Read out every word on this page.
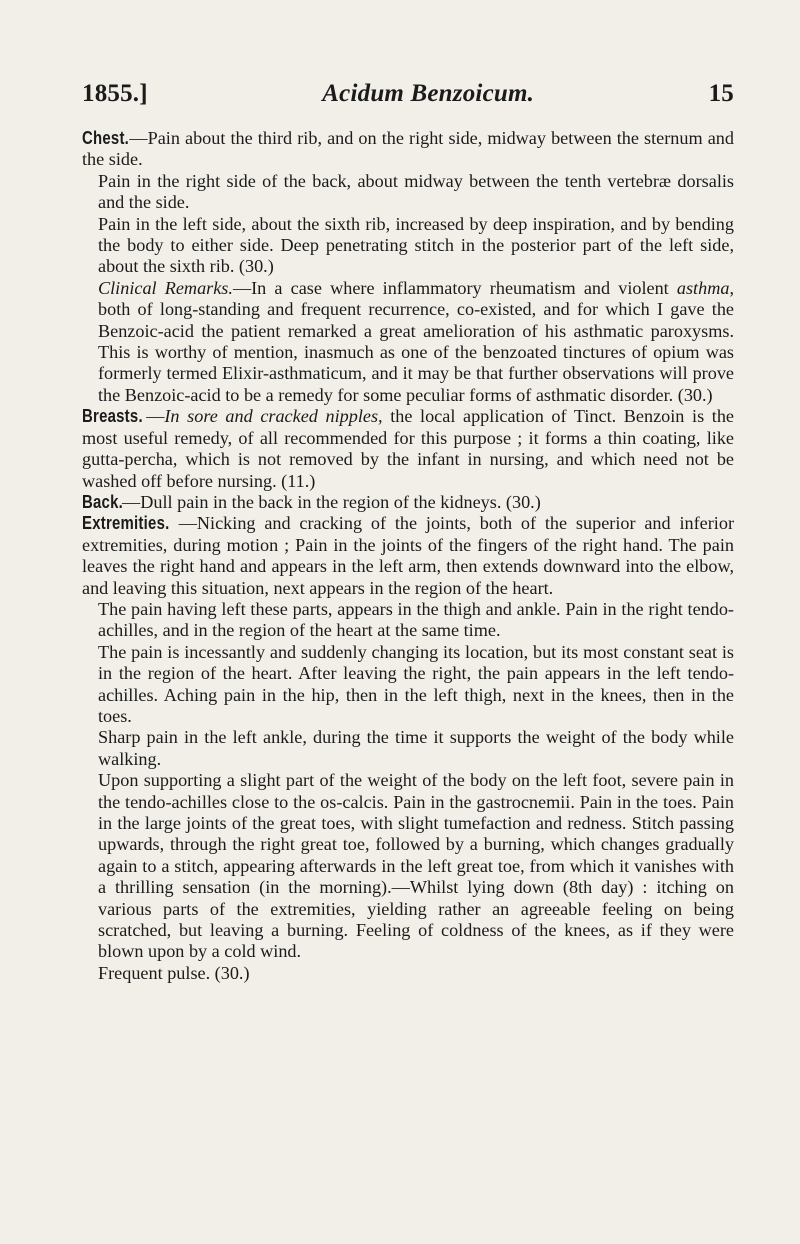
1855.]	Acidum Benzoicum.	15

Chest.—Pain about the third rib, and on the right side, midway between the sternum and the side.

Pain in the right side of the back, about midway between the tenth vertebræ dorsalis and the side.

Pain in the left side, about the sixth rib, increased by deep inspiration, and by bending the body to either side. Deep penetrating stitch in the posterior part of the left side, about the sixth rib. (30.)

Clinical Remarks.—In a case where inflammatory rheumatism and violent asthma, both of long-standing and frequent recurrence, co-existed, and for which I gave the Benzoic-acid the patient remarked a great amelioration of his asthmatic paroxysms. This is worthy of mention, inasmuch as one of the benzoated tinctures of opium was formerly termed Elixir-asthmaticum, and it may be that further observations will prove the Benzoic-acid to be a remedy for some peculiar forms of asthmatic disorder. (30.)

Breasts. —In sore and cracked nipples, the local application of Tinct. Benzoin is the most useful remedy, of all recommended for this purpose ; it forms a thin coating, like gutta-percha, which is not removed by the infant in nursing, and which need not be washed off before nursing. (11.)

Back.—Dull pain in the back in the region of the kidneys. (30.)

Extremities. —Nicking and cracking of the joints, both of the superior and inferior extremities, during motion ; Pain in the joints of the fingers of the right hand. The pain leaves the right hand and appears in the left arm, then extends downward into the elbow, and leaving this situation, next appears in the region of the heart.

The pain having left these parts, appears in the thigh and ankle. Pain in the right tendo-achilles, and in the region of the heart at the same time.

The pain is incessantly and suddenly changing its location, but its most constant seat is in the region of the heart. After leaving the right, the pain appears in the left tendo-achilles. Aching pain in the hip, then in the left thigh, next in the knees, then in the toes.

Sharp pain in the left ankle, during the time it supports the weight of the body while walking.

Upon supporting a slight part of the weight of the body on the left foot, severe pain in the tendo-achilles close to the os-calcis. Pain in the gastrocnemii. Pain in the toes. Pain in the large joints of the great toes, with slight tumefaction and redness. Stitch passing upwards, through the right great toe, followed by a burning, which changes gradually again to a stitch, appearing afterwards in the left great toe, from which it vanishes with a thrilling sensation (in the morning).—Whilst lying down (8th day) : itching on various parts of the extremities, yielding rather an agreeable feeling on being scratched, but leaving a burning. Feeling of coldness of the knees, as if they were blown upon by a cold wind.

Frequent pulse. (30.)
